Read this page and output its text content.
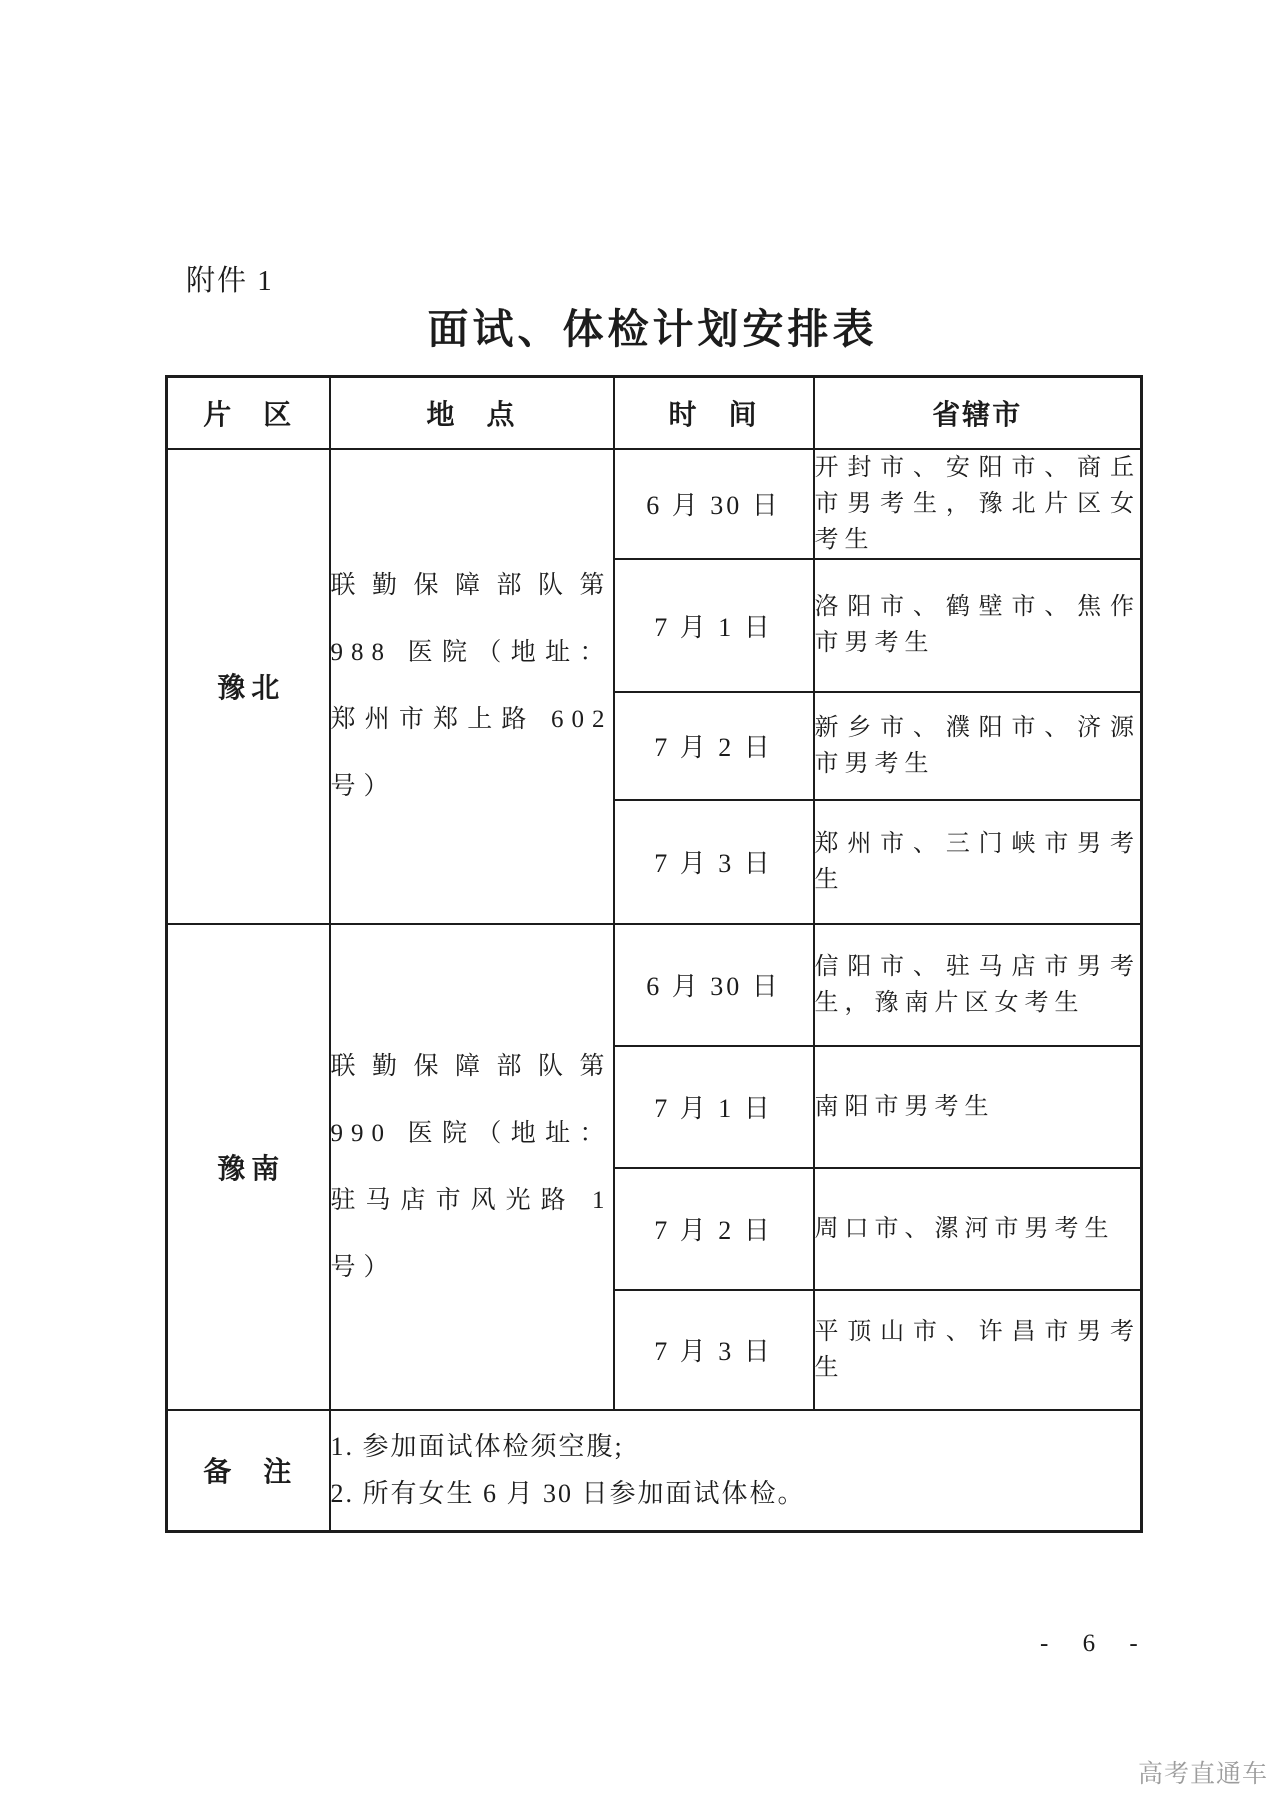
附件 1
面试、体检计划安排表
片　区	地　点	时　间	省辖市
豫北	联勤保障部队第 988 医院（地址：郑州市郑上路 602 号）	6 月 30 日	开封市、安阳市、商丘市男考生，豫北片区女考生
		7 月 1 日	洛阳市、鹤壁市、焦作市男考生
		7 月 2 日	新乡市、濮阳市、济源市男考生
		7 月 3 日	郑州市、三门峡市男考生
豫南	联勤保障部队第 990 医院（地址：驻马店市风光路 1 号）	6 月 30 日	信阳市、驻马店市男考生，豫南片区女考生
		7 月 1 日	南阳市男考生
		7 月 2 日	周口市、漯河市男考生
		7 月 3 日	平顶山市、许昌市男考生
备　注	1. 参加面试体检须空腹;
2. 所有女生 6 月 30 日参加面试体检。		
- 6 -
高考直通车
